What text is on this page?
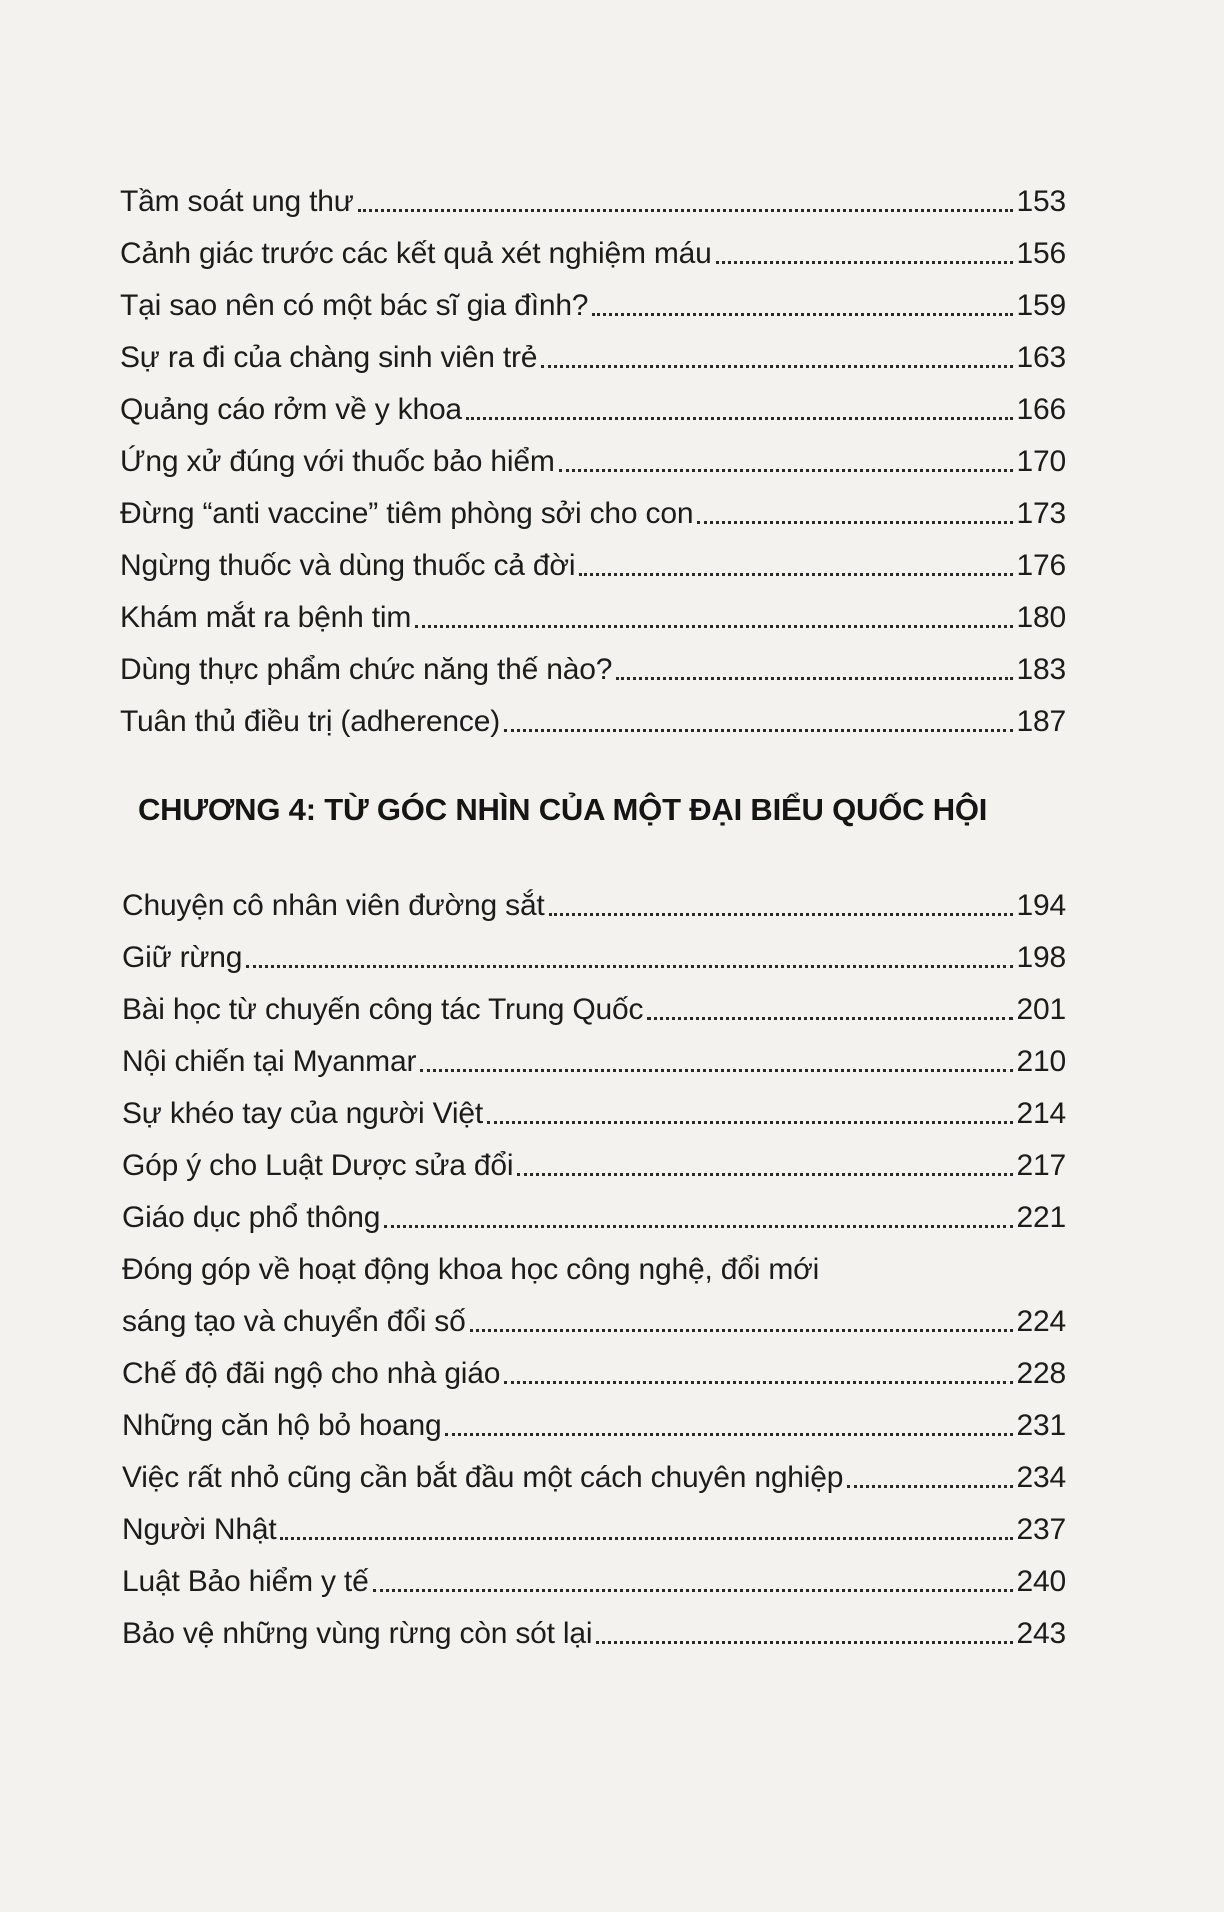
Tầm soát ung thư	153
Cảnh giác trước các kết quả xét nghiệm máu	156
Tại sao nên có một bác sĩ gia đình?	159
Sự ra đi của chàng sinh viên trẻ	163
Quảng cáo rởm về y khoa	166
Ứng xử đúng với thuốc bảo hiểm	170
Đừng “anti vaccine” tiêm phòng sởi cho con	173
Ngừng thuốc và dùng thuốc cả đời	176
Khám mắt ra bệnh tim	180
Dùng thực phẩm chức năng thế nào?	183
Tuân thủ điều trị (adherence)	187
CHƯƠNG 4: TỪ GÓC NHÌN CỦA MỘT ĐẠI BIỂU QUỐC HỘI
Chuyện cô nhân viên đường sắt	194
Giữ rừng	198
Bài học từ chuyến công tác Trung Quốc	201
Nội chiến tại Myanmar	210
Sự khéo tay của người Việt	214
Góp ý cho Luật Dược sửa đổi	217
Giáo dục phổ thông	221
Đóng góp về hoạt động khoa học công nghệ, đổi mới
sáng tạo và chuyển đổi số	224
Chế độ đãi ngộ cho nhà giáo	228
Những căn hộ bỏ hoang	231
Việc rất nhỏ cũng cần bắt đầu một cách chuyên nghiệp	234
Người Nhật	237
Luật Bảo hiểm y tế	240
Bảo vệ những vùng rừng còn sót lại	243
